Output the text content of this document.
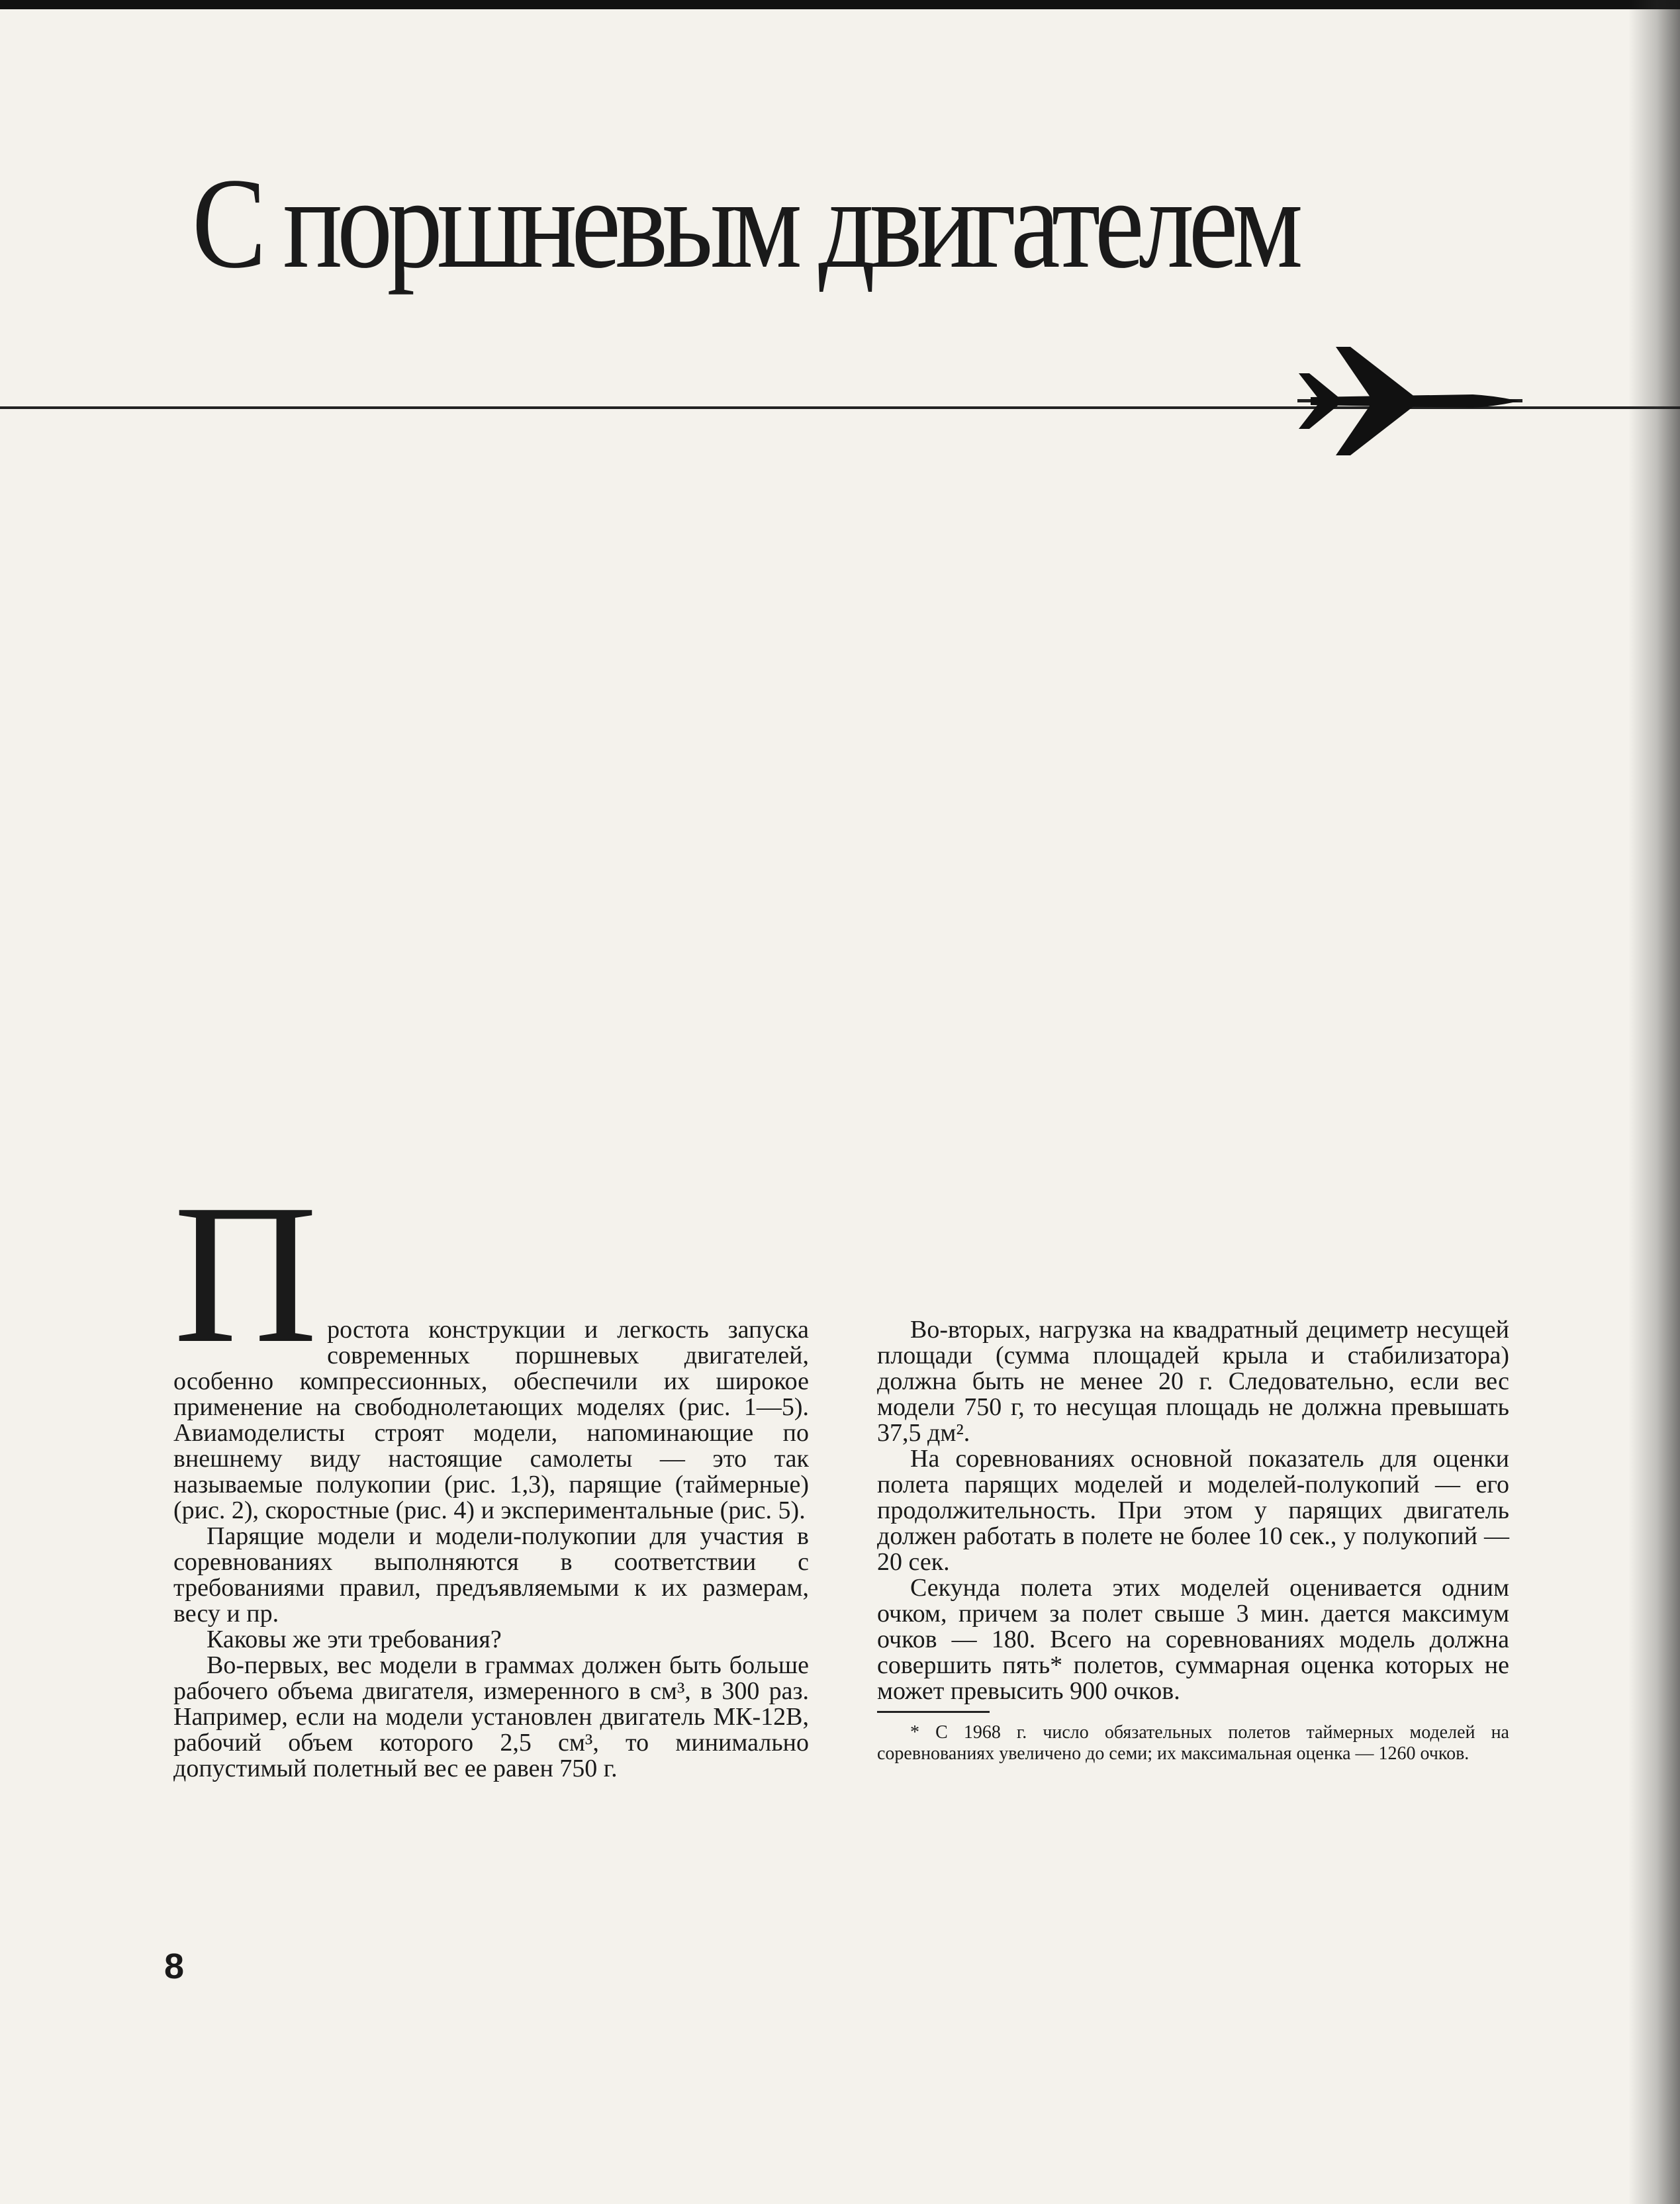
С поршневым двигателем
П ростота конструкции и легкость запуска современных поршневых двигателей, особенно компрессионных, обеспечили их широкое применение на свободнолетающих моделях (рис. 1—5). Авиамоделисты строят модели, напоминающие по внешнему виду настоящие самолеты — это так называемые полукопии (рис. 1,3), парящие (таймерные) (рис. 2), скоростные (рис. 4) и экспериментальные (рис. 5).

Парящие модели и модели-полукопии для участия в соревнованиях выполняются в соответствии с требованиями правил, предъявляемыми к их размерам, весу и пр.

Каковы же эти требования?

Во-первых, вес модели в граммах должен быть больше рабочего объема двигателя, измеренного в см³, в 300 раз. Например, если на модели установлен двигатель МК-12В, рабочий объем которого 2,5 см³, то минимально допустимый полетный вес ее равен 750 г.

Во-вторых, нагрузка на квадратный дециметр несущей площади (сумма площадей крыла и стабилизатора) должна быть не менее 20 г. Следовательно, если вес модели 750 г, то несущая площадь не должна превышать 37,5 дм².

На соревнованиях основной показатель для оценки полета парящих моделей и моделей-полукопий — его продолжительность. При этом у парящих двигатель должен работать в полете не более 10 сек., у полукопий — 20 сек.

Секунда полета этих моделей оценивается одним очком, причем за полет свыше 3 мин. дается максимум очков — 180. Всего на соревнованиях модель должна совершить пять* полетов, суммарная оценка которых не может превысить 900 очков.

* С 1968 г. число обязательных полетов таймерных моделей на соревнованиях увеличено до семи; их максимальная оценка — 1260 очков.

8
